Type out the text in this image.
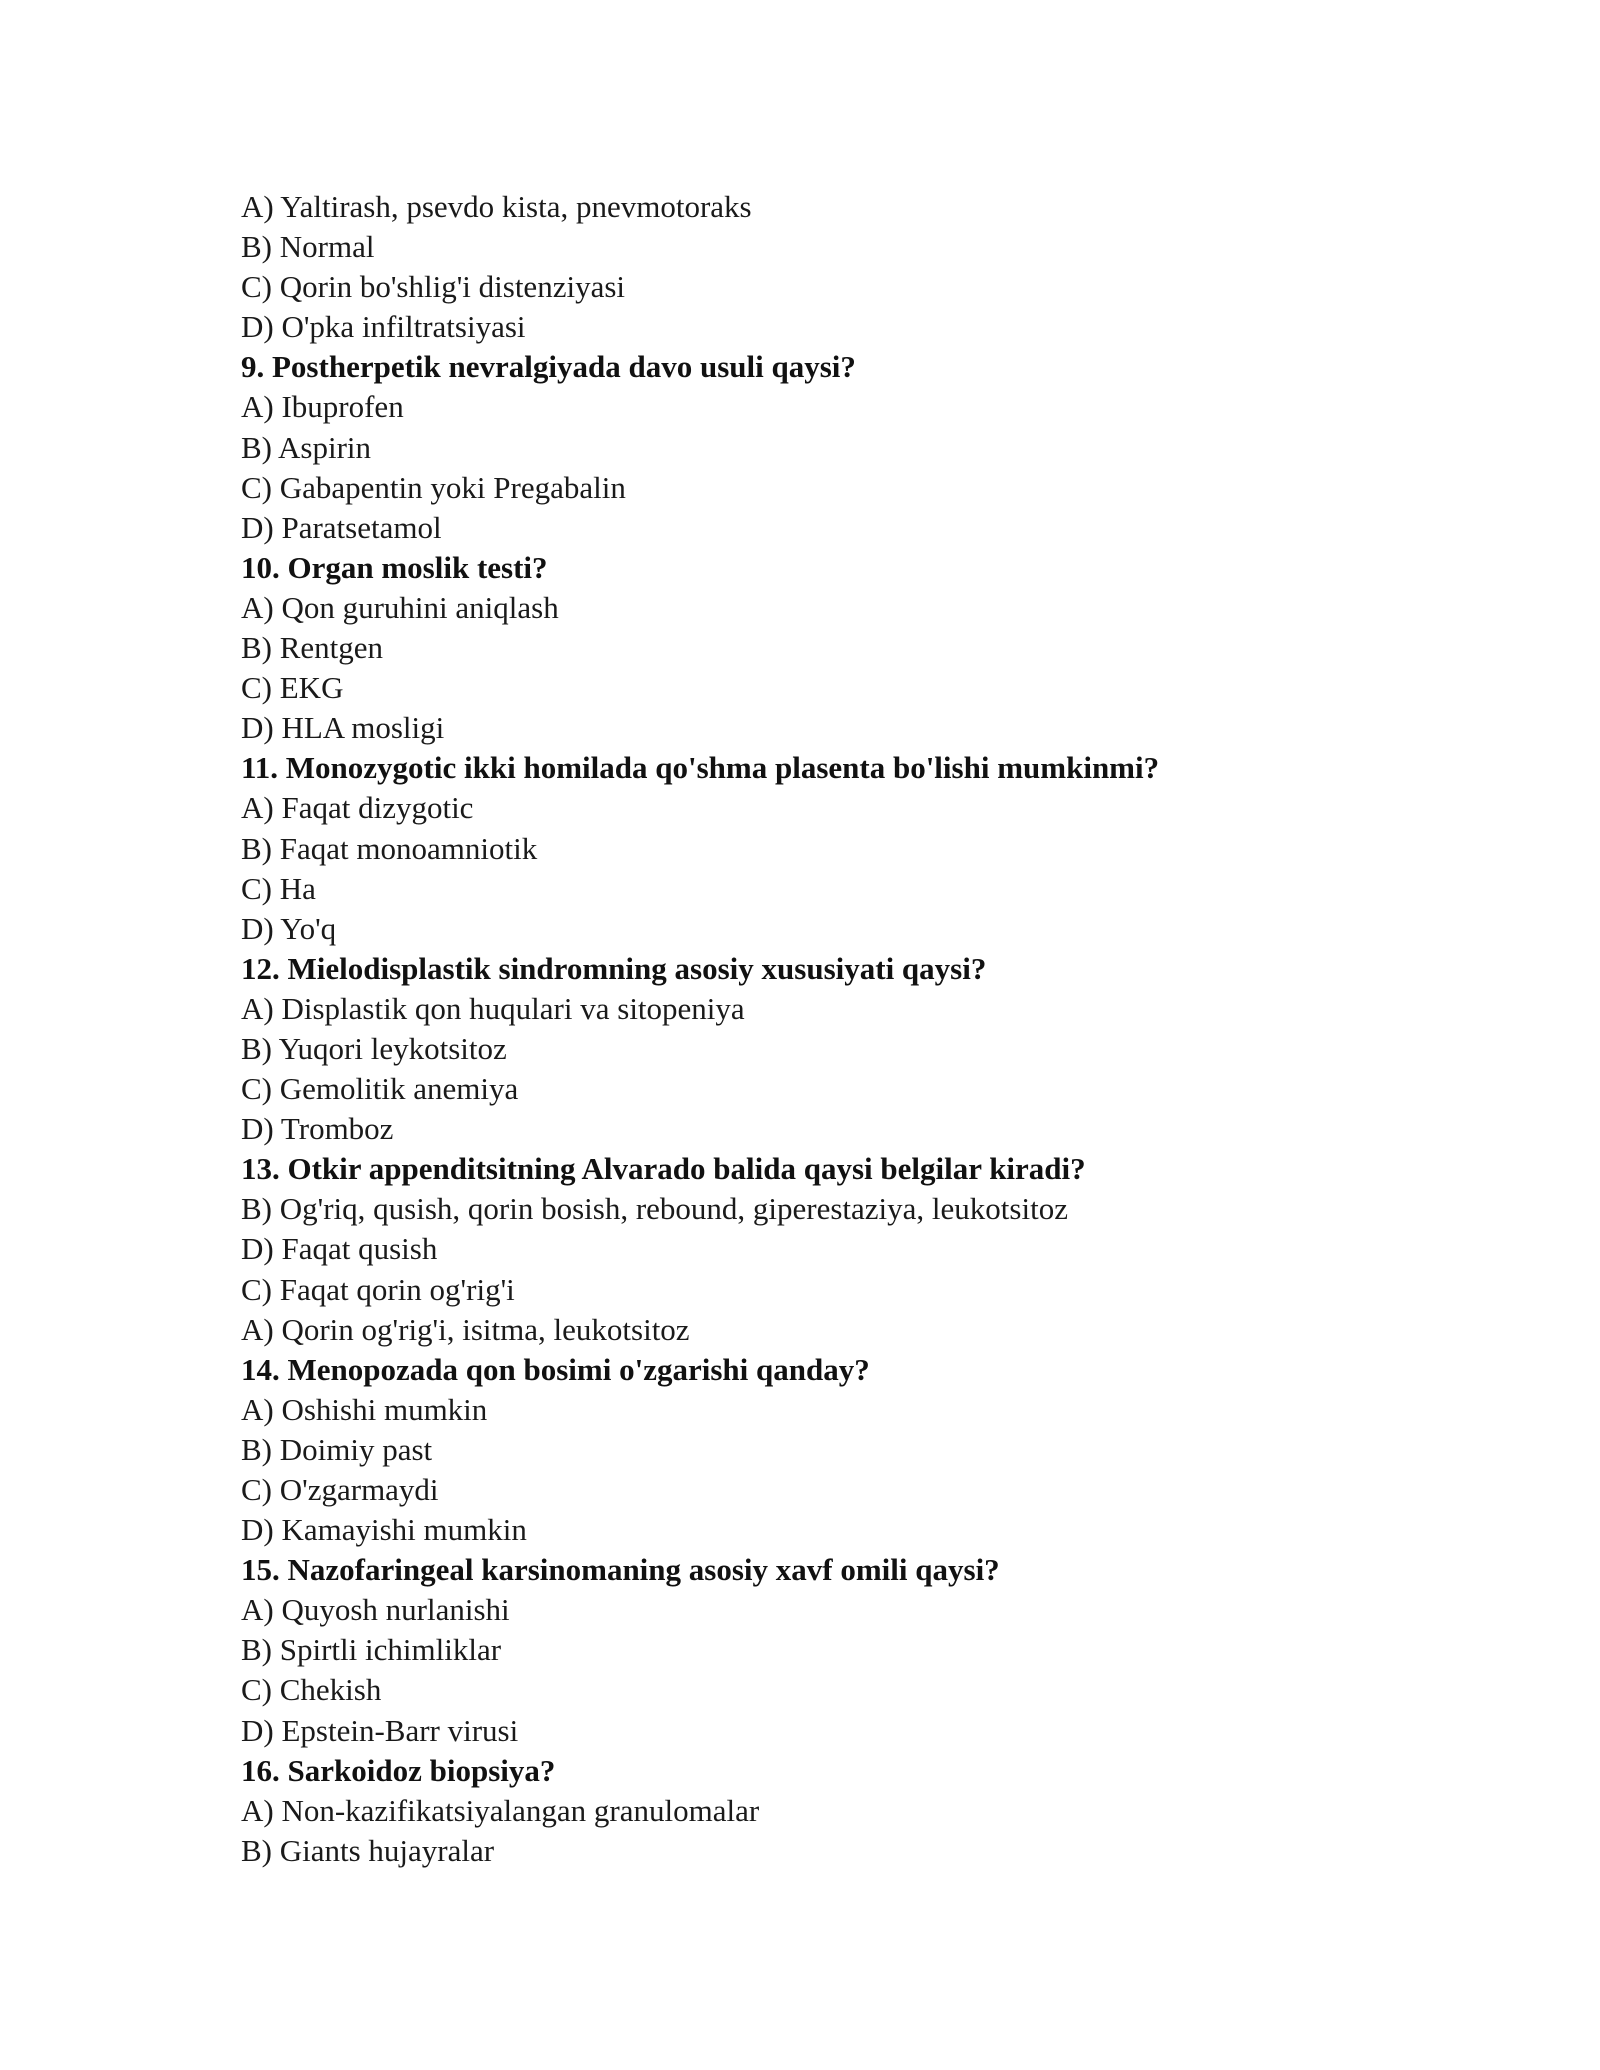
A) Yaltirash, psevdo kista, pnevmotoraks
B) Normal
C) Qorin bo'shlig'i distenziyasi
D) O'pka infiltratsiyasi
9. Postherpetik nevralgiyada davo usuli qaysi?
A) Ibuprofen
B) Aspirin
C) Gabapentin yoki Pregabalin
D) Paratsetamol
10. Organ moslik testi?
A) Qon guruhini aniqlash
B) Rentgen
C) EKG
D) HLA mosligi
11. Monozygotic ikki homilada qo'shma plasenta bo'lishi mumkinmi?
A) Faqat dizygotic
B) Faqat monoamniotik
C) Ha
D) Yo'q
12. Mielodisplastik sindromning asosiy xususiyati qaysi?
A) Displastik qon huqulari va sitopeniya
B) Yuqori leykotsitoz
C) Gemolitik anemiya
D) Tromboz
13. Otkir appenditsitning Alvarado balida qaysi belgilar kiradi?
B) Og'riq, qusish, qorin bosish, rebound, giperestaziya, leukotsitoz
D) Faqat qusish
C) Faqat qorin og'rig'i
A) Qorin og'rig'i, isitma, leukotsitoz
14. Menopozada qon bosimi o'zgarishi qanday?
A) Oshishi mumkin
B) Doimiy past
C) O'zgarmaydi
D) Kamayishi mumkin
15. Nazofaringeal karsinomaning asosiy xavf omili qaysi?
A) Quyosh nurlanishi
B) Spirtli ichimliklar
C) Chekish
D) Epstein-Barr virusi
16. Sarkoidoz biopsiya?
A) Non-kazifikatsiyalangan granulomalar
B) Giants hujayralar
